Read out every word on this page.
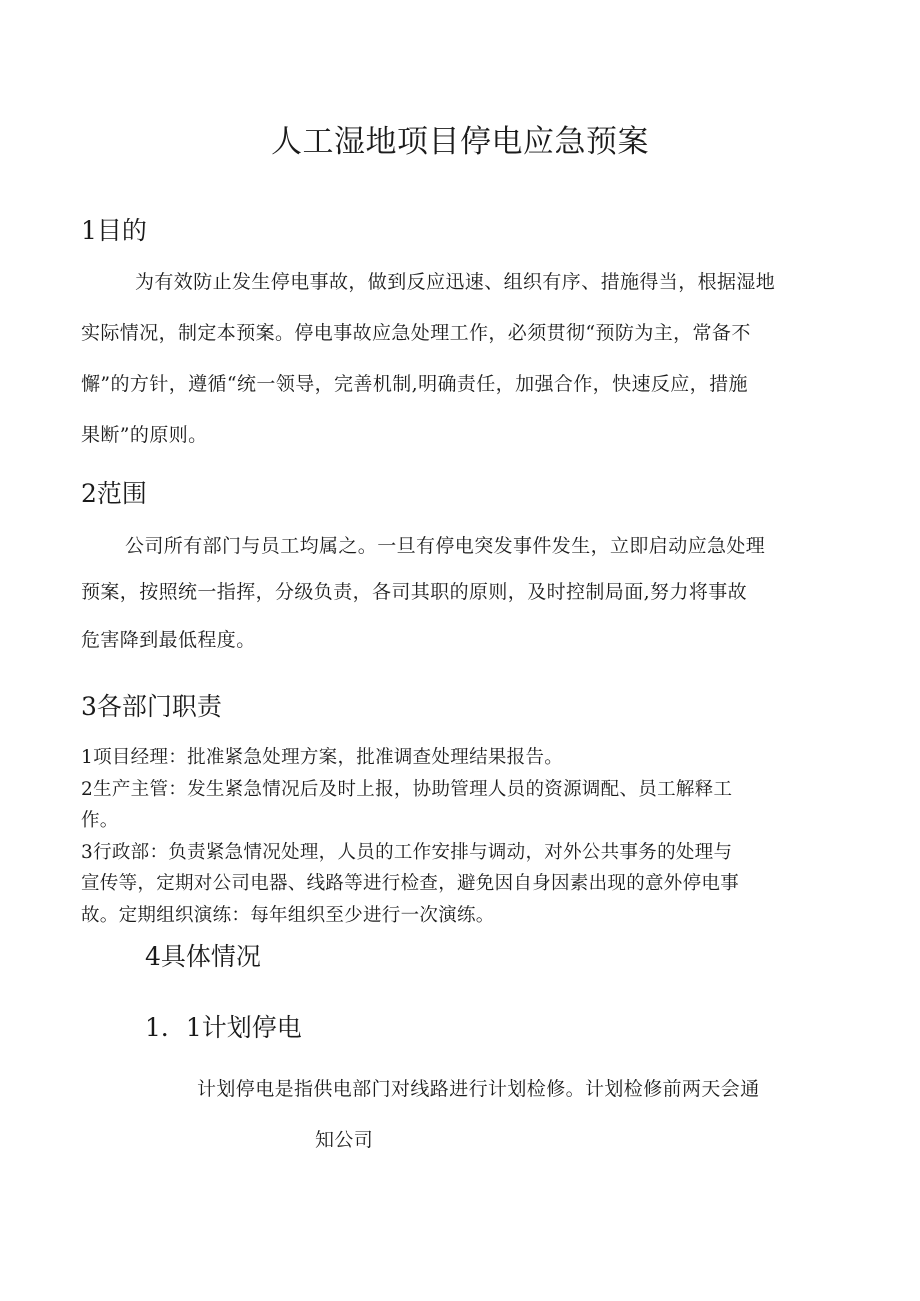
人工湿地项目停电应急预案
1目的
为有效防止发生停电事故，做到反应迅速、组织有序、措施得当，根据湿地
实际情况，制定本预案。停电事故应急处理工作，必须贯彻“预防为主，常备不
懈”的方针，遵循“统一领导，完善机制,明确责任，加强合作，快速反应，措施
果断”的原则。
2范围
公司所有部门与员工均属之。一旦有停电突发事件发生，立即启动应急处理
预案，按照统一指挥，分级负责，各司其职的原则，及时控制局面,努力将事故
危害降到最低程度。
3各部门职责
1项目经理：批准紧急处理方案，批准调查处理结果报告。
2生产主管：发生紧急情况后及时上报，协助管理人员的资源调配、员工解释工
作。
3行政部：负责紧急情况处理，人员的工作安排与调动，对外公共事务的处理与
宣传等，定期对公司电器、线路等进行检查，避免因自身因素出现的意外停电事
故。定期组织演练：每年组织至少进行一次演练。
4具体情况
1．1计划停电
计划停电是指供电部门对线路进行计划检修。计划检修前两天会通
知公司
